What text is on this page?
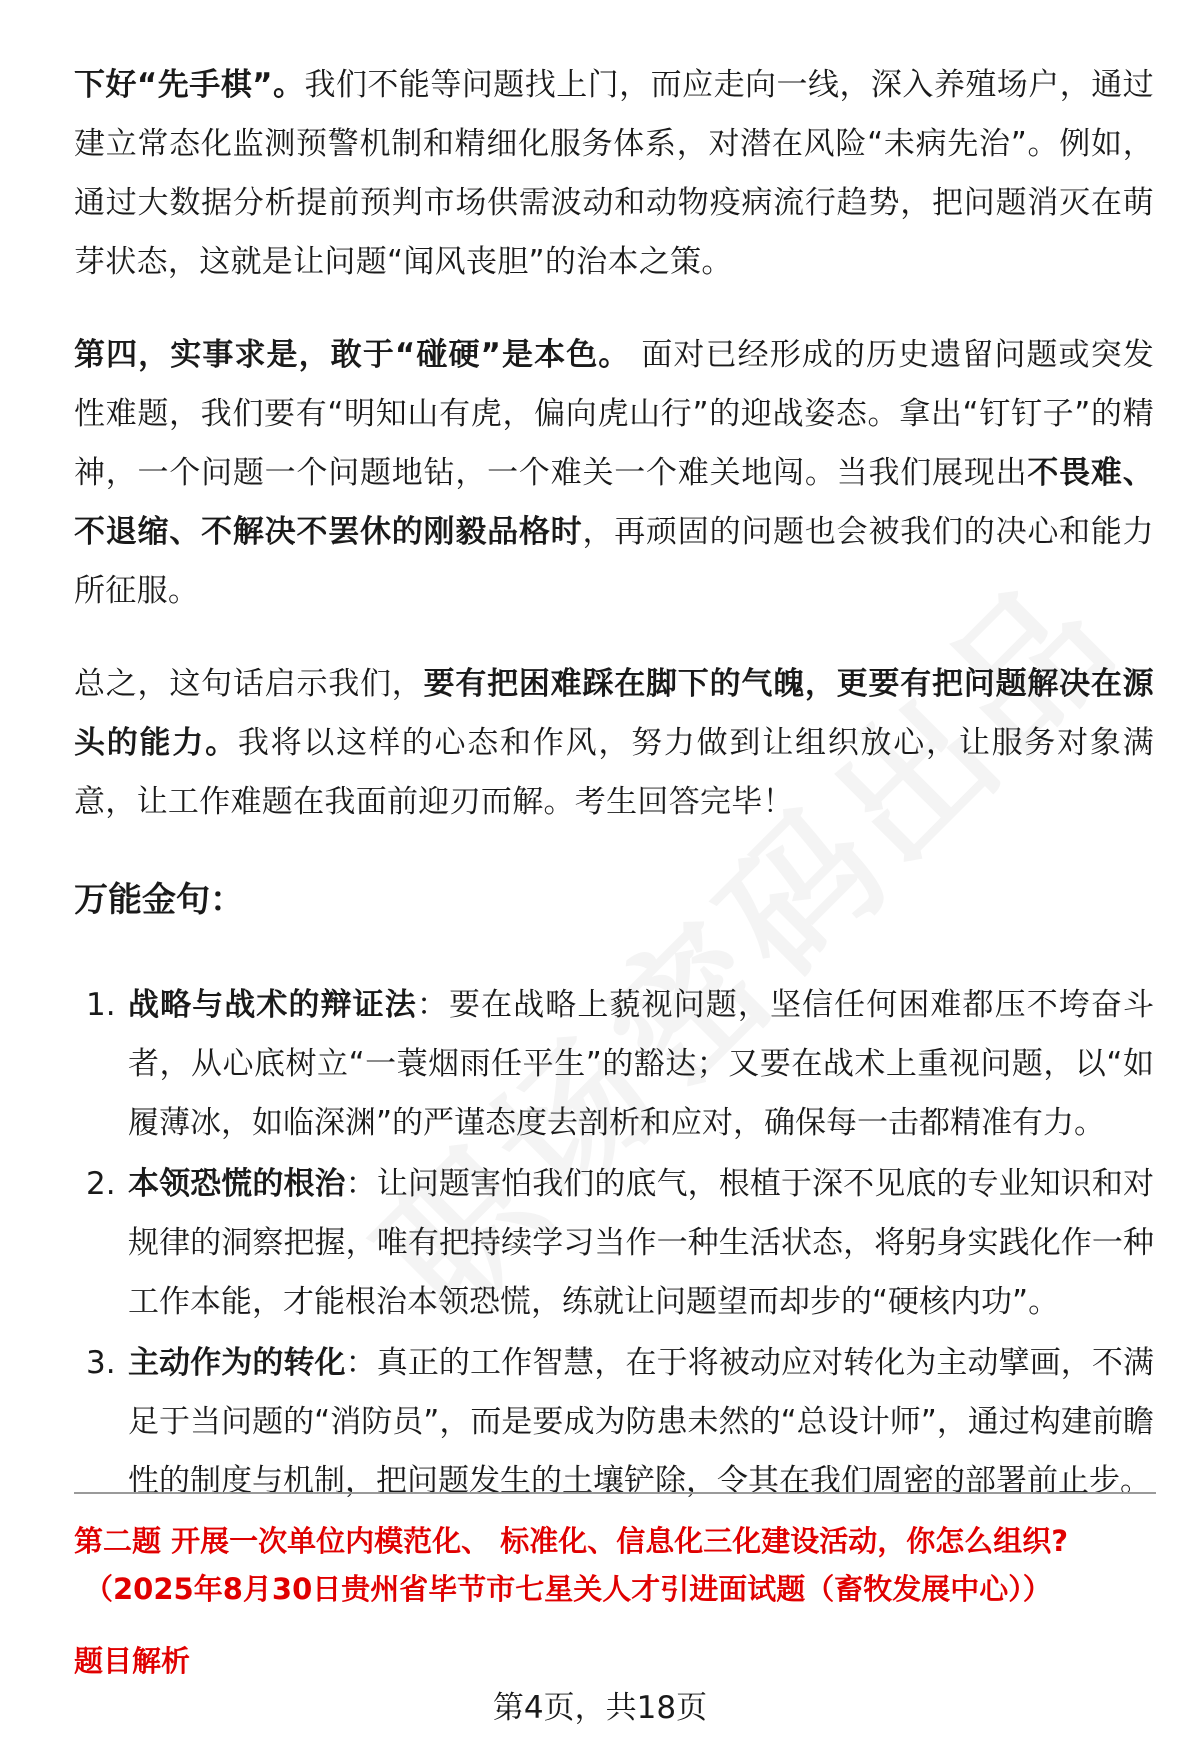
下好“先手棋”。我们不能等问题找上门，而应走向一线，深入养殖场户，通过建立常态化监测预警机制和精细化服务体系，对潜在风险“未病先治”。例如，通过大数据分析提前预判市场供需波动和动物疫病流行趋势，把问题消灭在萌芽状态，这就是让问题“闻风丧胆”的治本之策。

第四，实事求是，敢于“碰硬”是本色。 面对已经形成的历史遗留问题或突发性难题，我们要有“明知山有虎，偏向虎山行”的迎战姿态。拿出“钉钉子”的精神，一个问题一个问题地钻，一个难关一个难关地闯。当我们展现出不畏难、不退缩、不解决不罢休的刚毅品格时，再顽固的问题也会被我们的决心和能力所征服。

总之，这句话启示我们，要有把困难踩在脚下的气魄，更要有把问题解决在源头的能力。我将以这样的心态和作风，努力做到让组织放心，让服务对象满意，让工作难题在我面前迎刃而解。考生回答完毕！

万能金句：
1. 战略与战术的辩证法：要在战略上藐视问题，坚信任何困难都压不垮奋斗者，从心底树立“一蓑烟雨任平生”的豁达；又要在战术上重视问题，以“如履薄冰，如临深渊”的严谨态度去剖析和应对，确保每一击都精准有力。
2. 本领恐慌的根治：让问题害怕我们的底气，根植于深不见底的专业知识和对规律的洞察把握，唯有把持续学习当作一种生活状态，将躬身实践化作一种工作本能，才能根治本领恐慌，练就让问题望而却步的“硬核内功”。
3. 主动作为的转化：真正的工作智慧，在于将被动应对转化为主动擘画，不满足于当问题的“消防员”，而是要成为防患未然的“总设计师”，通过构建前瞻性的制度与机制，把问题发生的土壤铲除，令其在我们周密的部署前止步。
第二题 开展一次单位内模范化、 标准化、信息化三化建设活动，你怎么组织?
（2025年8月30日贵州省毕节市七星关人才引进面试题（畜牧发展中心））
题目解析
第4页，共18页
